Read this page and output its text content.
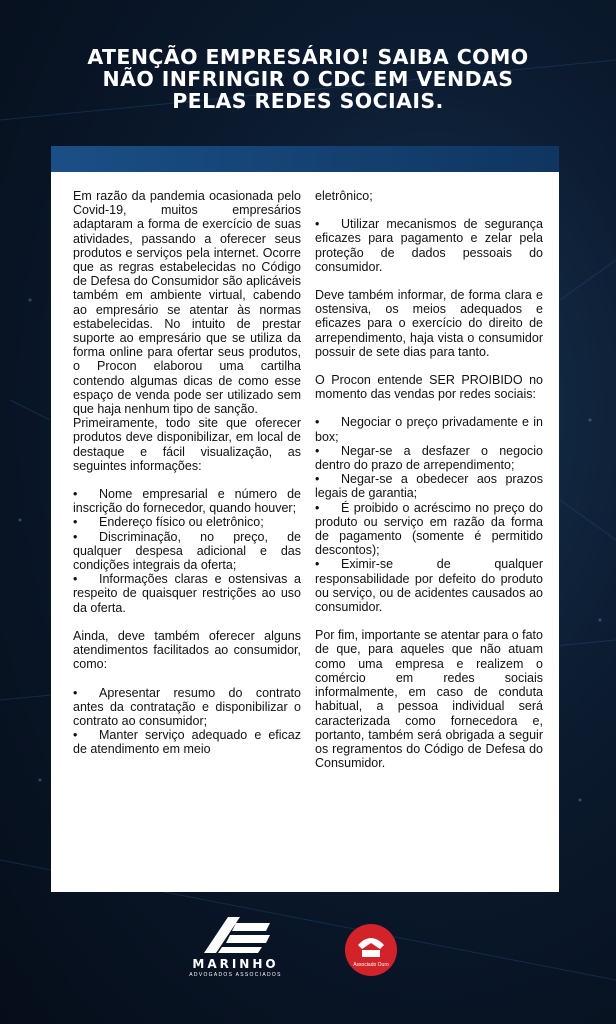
ATENÇÃO EMPRESÁRIO! SAIBA COMO
NÃO INFRINGIR O CDC EM VENDAS
PELAS REDES SOCIAIS.

Em razão da pandemia ocasionada pelo Covid-19, muitos empresários adaptaram a forma de exercício de suas atividades, passando a oferecer seus produtos e serviços pela internet. Ocorre que as regras estabelecidas no Código de Defesa do Consumidor são aplicáveis também em ambiente virtual, cabendo ao empresário se atentar às normas estabelecidas. No intuito de prestar suporte ao empresário que se utiliza da forma online para ofertar seus produtos, o Procon elaborou uma cartilha contendo algumas dicas de como esse espaço de venda pode ser utilizado sem que haja nenhum tipo de sanção.

Primeiramente, todo site que oferecer produtos deve disponibilizar, em local de destaque e fácil visualização, as seguintes informações:

• Nome empresarial e número de inscrição do fornecedor, quando houver;
• Endereço físico ou eletrônico;
• Discriminação, no preço, de qualquer despesa adicional e das condições integrais da oferta;
• Informações claras e ostensivas a respeito de quaisquer restrições ao uso da oferta.

Ainda, deve também oferecer alguns atendimentos facilitados ao consumidor, como:

• Apresentar resumo do contrato antes da contratação e disponibilizar o contrato ao consumidor;
• Manter serviço adequado e eficaz de atendimento em meio

eletrônico;

• Utilizar mecanismos de segurança eficazes para pagamento e zelar pela proteção de dados pessoais do consumidor.

Deve também informar, de forma clara e ostensiva, os meios adequados e eficazes para o exercício do direito de arrependimento, haja vista o consumidor possuir de sete dias para tanto.

O Procon entende SER PROIBIDO no momento das vendas por redes sociais:

• Negociar o preço privadamente e in box;
• Negar-se a desfazer o negocio dentro do prazo de arrependimento;
• Negar-se a obedecer aos prazos legais de garantia;
• É proibido o acréscimo no preço do produto ou serviço em razão da forma de pagamento (somente é permitido descontos);
• Eximir-se de qualquer responsabilidade por defeito do produto ou serviço, ou de acidentes causados ao consumidor.

Por fim, importante se atentar para o fato de que, para aqueles que não atuam como uma empresa e realizem o comércio em redes sociais informalmente, em caso de conduta habitual, a pessoa individual será caracterizada como fornecedora e, portanto, também será obrigada a seguir os regramentos do Código de Defesa do Consumidor.

MARINHO
ADVOGADOS ASSOCIADOS
Associado Ouro
